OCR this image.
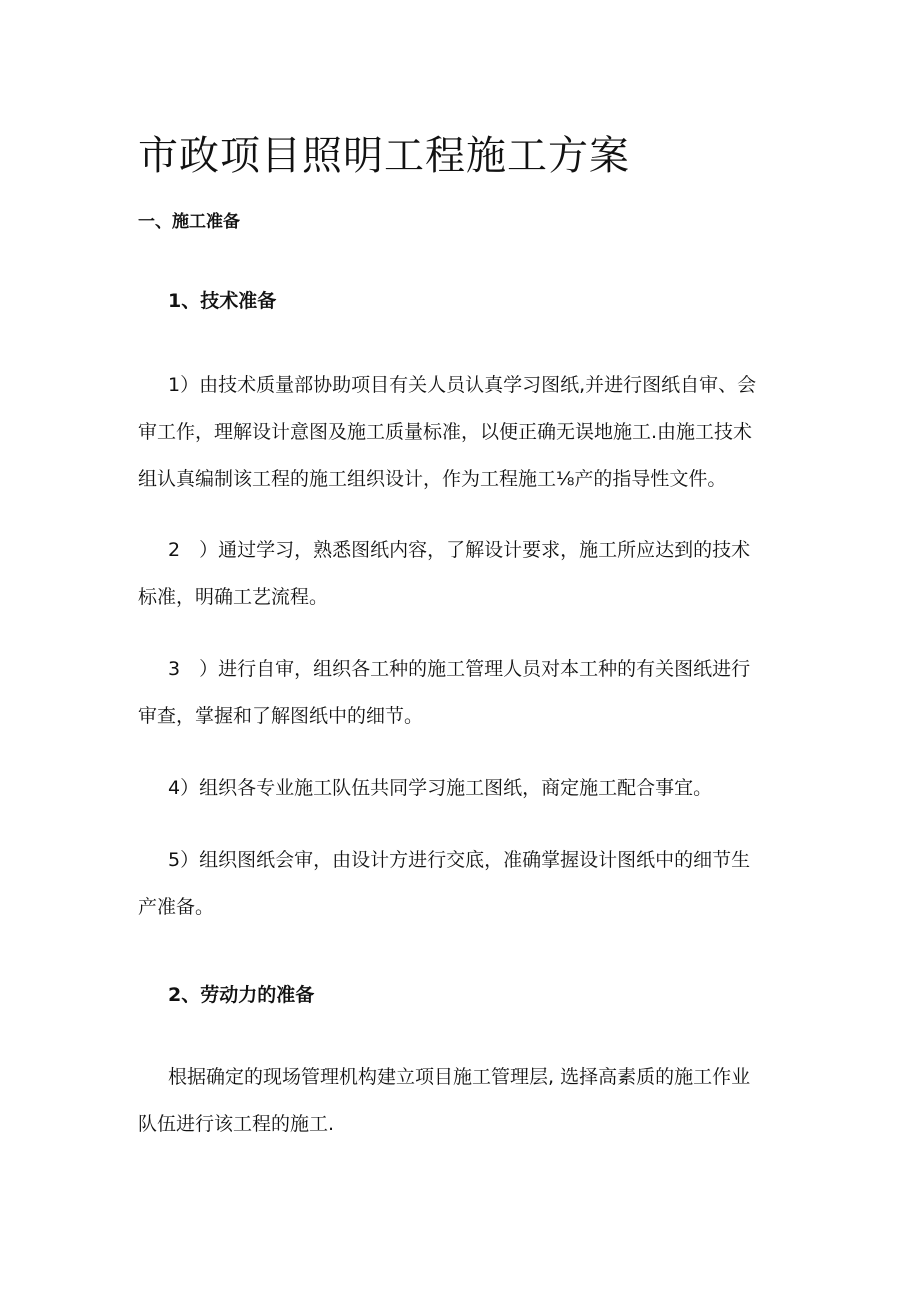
市政项目照明工程施工方案
一、施工准备
1、技术准备
1）由技术质量部协助项目有关人员认真学习图纸,并进行图纸自审、会
审工作，理解设计意图及施工质量标准，以便正确无误地施工.由施工技术
组认真编制该工程的施工组织设计，作为工程施工⅛产的指导性文件。
2　）通过学习，熟悉图纸内容，了解设计要求，施工所应达到的技术
标准，明确工艺流程。
3　）进行自审，组织各工种的施工管理人员对本工种的有关图纸进行
审查，掌握和了解图纸中的细节。
4）组织各专业施工队伍共同学习施工图纸，商定施工配合事宜。
5）组织图纸会审，由设计方进行交底，准确掌握设计图纸中的细节生
产准备。
2、劳动力的准备
根据确定的现场管理机构建立项目施工管理层, 选择高素质的施工作业
队伍进行该工程的施工.
